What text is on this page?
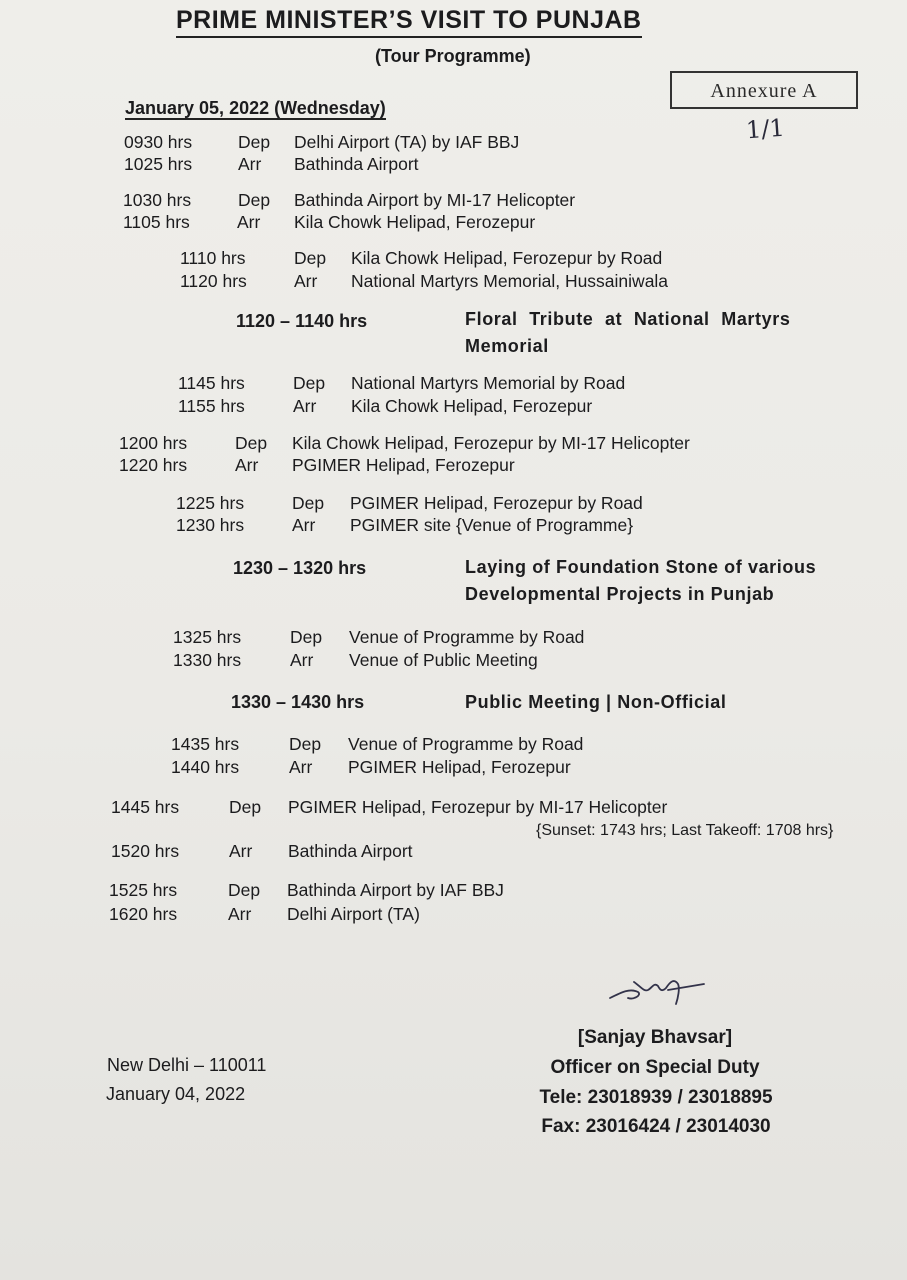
PRIME MINISTER’S VISIT TO PUNJAB
(Tour Programme)
Annexure A
1/1
January 05, 2022 (Wednesday)
0930 hrs	Dep Delhi Airport (TA) by IAF BBJ
1025 hrs	Arr Bathinda Airport
1030 hrs	Dep Bathinda Airport by MI-17 Helicopter
1105 hrs	Arr Kila Chowk Helipad, Ferozepur
1110 hrs	Dep Kila Chowk Helipad, Ferozepur by Road
1120 hrs	Arr National Martyrs Memorial, Hussainiwala
1145 hrs	Dep National Martyrs Memorial by Road
1155 hrs	Arr Kila Chowk Helipad, Ferozepur
1200 hrs	Dep Kila Chowk Helipad, Ferozepur by MI-17 Helicopter
1220 hrs	Arr PGIMER Helipad, Ferozepur
1225 hrs	Dep PGIMER Helipad, Ferozepur by Road
1230 hrs	Arr PGIMER site {Venue of Programme}
1325 hrs	Dep Venue of Programme by Road
1330 hrs	Arr Venue of Public Meeting
1435 hrs	Dep Venue of Programme by Road
1440 hrs	Arr PGIMER Helipad, Ferozepur
1445 hrs	Dep PGIMER Helipad, Ferozepur by MI-17 Helicopter
1520 hrs	Arr Bathinda Airport
1525 hrs	Dep Bathinda Airport by IAF BBJ
1620 hrs	Arr Delhi Airport (TA)
{Sunset: 1743 hrs; Last Takeoff: 1708 hrs}
1120 – 1140 hrs	Floral Tribute at National Martyrs
Memorial
1230 – 1320 hrs	Laying of Foundation Stone of various
Developmental Projects in Punjab
1330 – 1430 hrs	Public Meeting | Non-Official
[Sanjay Bhavsar]
Officer on Special Duty
Tele: 23018939 / 23018895
Fax: 23016424 / 23014030
New Delhi – 110011
January 04, 2022
